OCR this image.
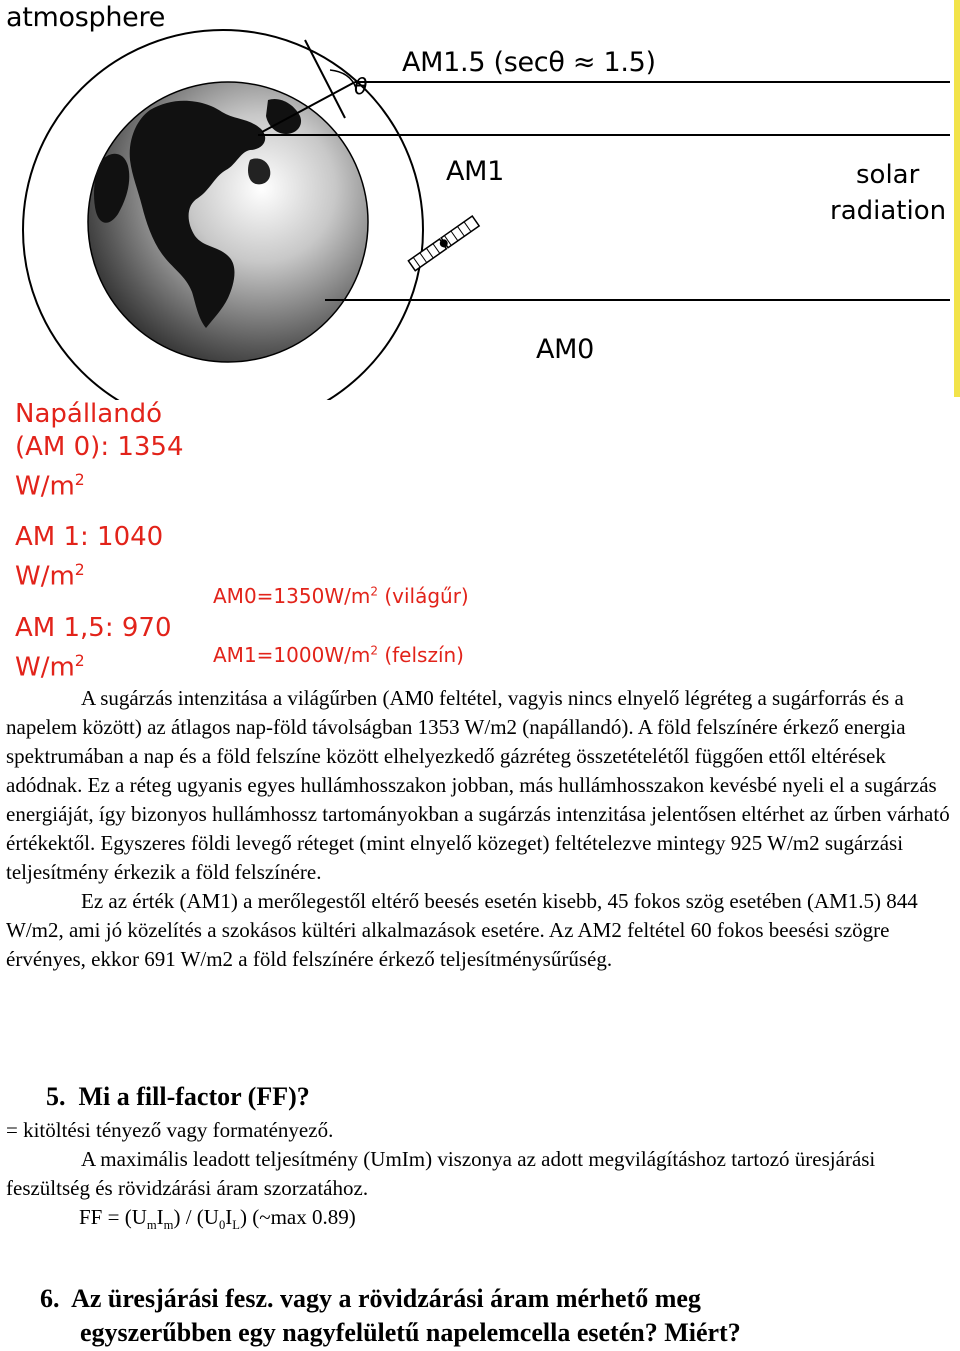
atmosphere
AM1.5 (secθ ≈ 1.5)
θ
AM1	solar
radiation
AM0
Napállandó
(AM 0): 1354
$W/m^2$
AM 1: 1040
$W/m^2$
AM 1,5: 970
$W/m^2$
$AM0=1350W/m^2$ (világűr)
$AM1=1000W/m^2$ (felszín)

A sugárzás intenzitása a világűrben (AM0 feltétel, vagyis nincs elnyelő légréteg a sugárforrás és a napelem között) az átlagos nap-föld távolságban 1353 W/m2 (napállandó). A föld felszínére érkező energia spektrumában a nap és a föld felszíne között elhelyezkedő gázréteg összetételétől függően ettől eltérések adódnak. Ez a réteg ugyanis egyes hullámhosszakon jobban, más hullámhosszakon kevésbé nyeli el a sugárzás energiáját, így bizonyos hullámhossz tartományokban a sugárzás intenzitása jelentősen eltérhet az űrben várható értékektől. Egyszeres földi levegő réteget (mint elnyelő közeget) feltételezve mintegy 925 W/m2 sugárzási teljesítmény érkezik a föld felszínére.

Ez az érték (AM1) a merőlegestől eltérő beesés esetén kisebb, 45 fokos szög esetében (AM1.5) 844 W/m2, ami jó közelítés a szokásos kültéri alkalmazások esetére. Az AM2 feltétel 60 fokos beesési szögre érvényes, ekkor 691 W/m2 a föld felszínére érkező teljesítménysűrűség.

5. Mi a fill-factor (FF)?
= kitöltési tényező vagy formatényező.
A maximális leadott teljesítmény (UmIm) viszonya az adott megvilágításhoz tartozó üresjárási feszültség és rövidzárási áram szorzatához.
FF = $(U_mI_m) / (U_0I_L)$ (~max 0.89)
6. Az üresjárási fesz. vagy a rövidzárási áram mérhető meg
egyszerűbben egy nagyfelületű napelemcella esetén? Miért?
